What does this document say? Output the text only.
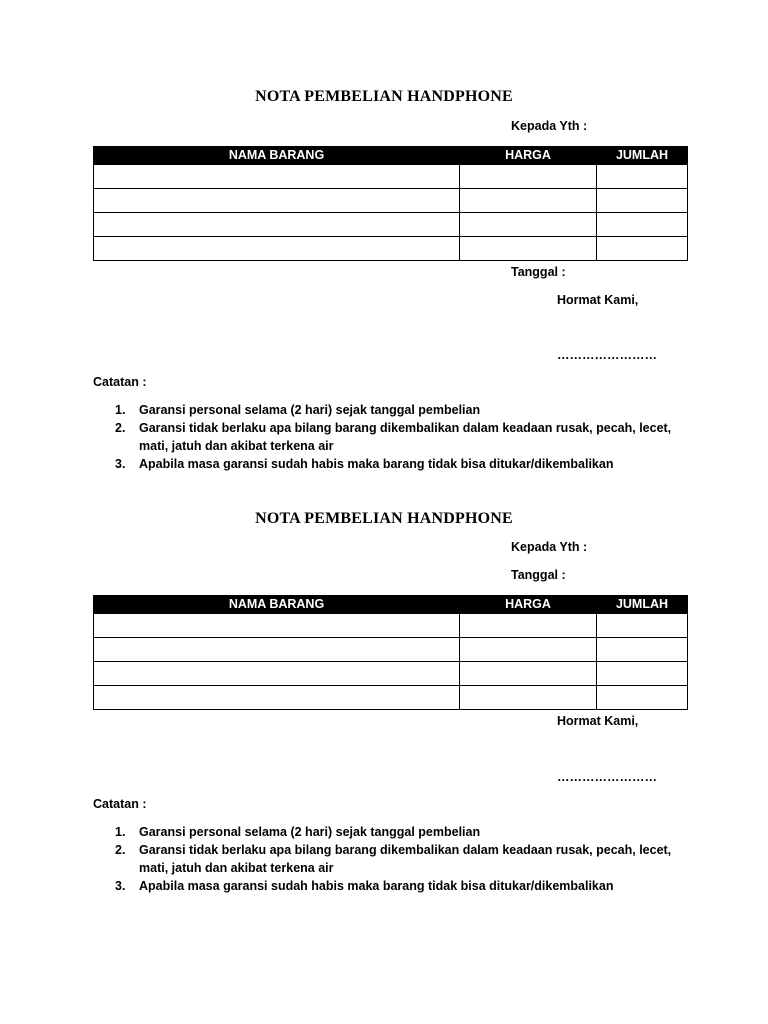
NOTA PEMBELIAN HANDPHONE
Kepada Yth :
NAMA BARANG	HARGA	JUMLAH

Tanggal :
Hormat Kami,
……………………
Catatan :
1. Garansi personal selama (2 hari) sejak tanggal pembelian
2. Garansi tidak berlaku apa bilang barang dikembalikan dalam keadaan rusak, pecah, lecet, mati, jatuh dan akibat terkena air
3. Apabila masa garansi sudah habis maka barang tidak bisa ditukar/dikembalikan
NOTA PEMBELIAN HANDPHONE
Kepada Yth :
Tanggal :
NAMA BARANG	HARGA	JUMLAH

Hormat Kami,
……………………
Catatan :
1. Garansi personal selama (2 hari) sejak tanggal pembelian
2. Garansi tidak berlaku apa bilang barang dikembalikan dalam keadaan rusak, pecah, lecet, mati, jatuh dan akibat terkena air
3. Apabila masa garansi sudah habis maka barang tidak bisa ditukar/dikembalikan
